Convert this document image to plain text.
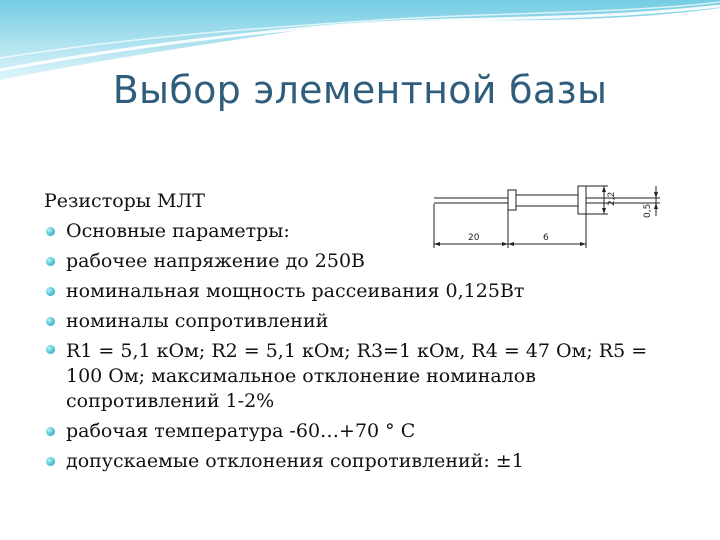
Выбор элементной базы
Резисторы МЛТ
Основные параметры:
рабочее напряжение до 250В
номинальная мощность рассеивания 0,125Вт
номиналы сопротивлений
R1 = 5,1 кОм; R2 = 5,1 кОм; R3=1 кОм, R4 = 47 Ом; R5 = 100 Ом; максимальное отклонение номиналов сопротивлений 1-2%
рабочая температура -60…+70 ° С
допускаемые отклонения сопротивлений: ±1
20	6
2,2
0,5
